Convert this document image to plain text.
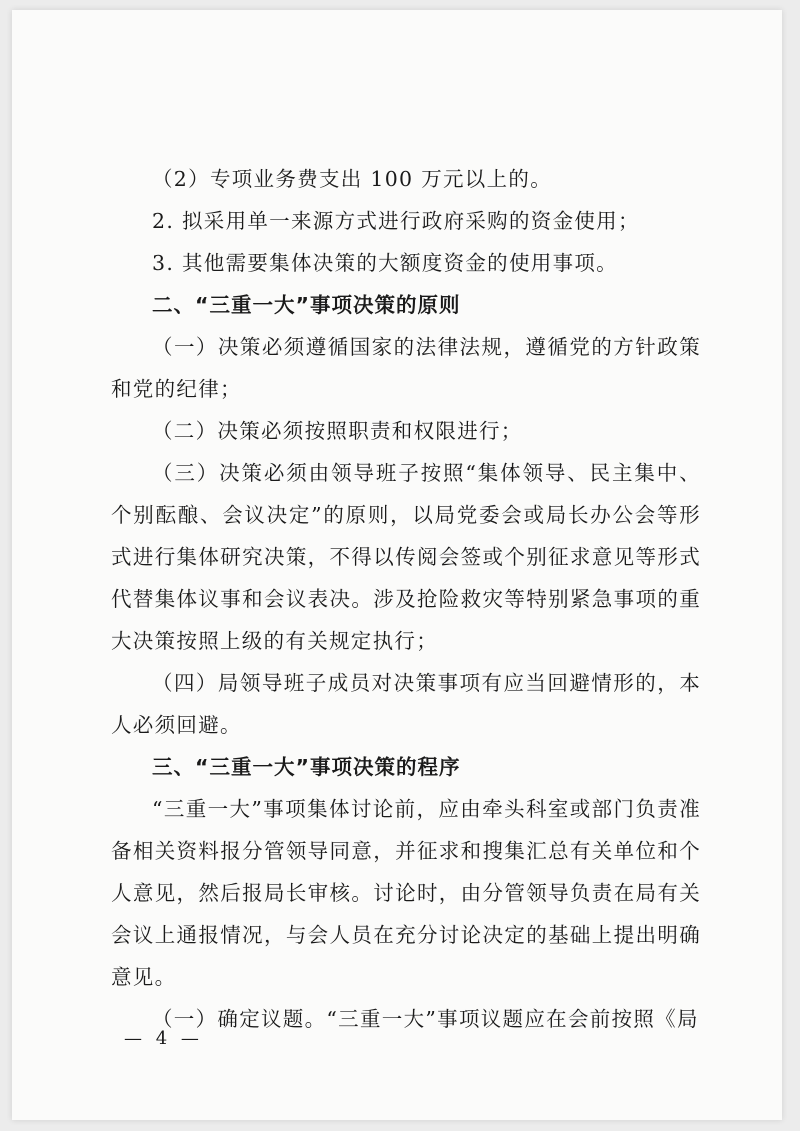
（2）专项业务费支出 100 万元以上的。

2. 拟采用单一来源方式进行政府采购的资金使用；

3. 其他需要集体决策的大额度资金的使用事项。

二、“三重一大”事项决策的原则

（一）决策必须遵循国家的法律法规，遵循党的方针政策和党的纪律；

（二）决策必须按照职责和权限进行；

（三）决策必须由领导班子按照“集体领导、民主集中、个别酝酿、会议决定”的原则，以局党委会或局长办公会等形式进行集体研究决策，不得以传阅会签或个别征求意见等形式代替集体议事和会议表决。涉及抢险救灾等特别紧急事项的重大决策按照上级的有关规定执行；

（四）局领导班子成员对决策事项有应当回避情形的，本人必须回避。

三、“三重一大”事项决策的程序

“三重一大”事项集体讨论前，应由牵头科室或部门负责准备相关资料报分管领导同意，并征求和搜集汇总有关单位和个人意见，然后报局长审核。讨论时，由分管领导负责在局有关会议上通报情况，与会人员在充分讨论决定的基础上提出明确意见。

（一）确定议题。“三重一大”事项议题应在会前按照《局

— 4 —
